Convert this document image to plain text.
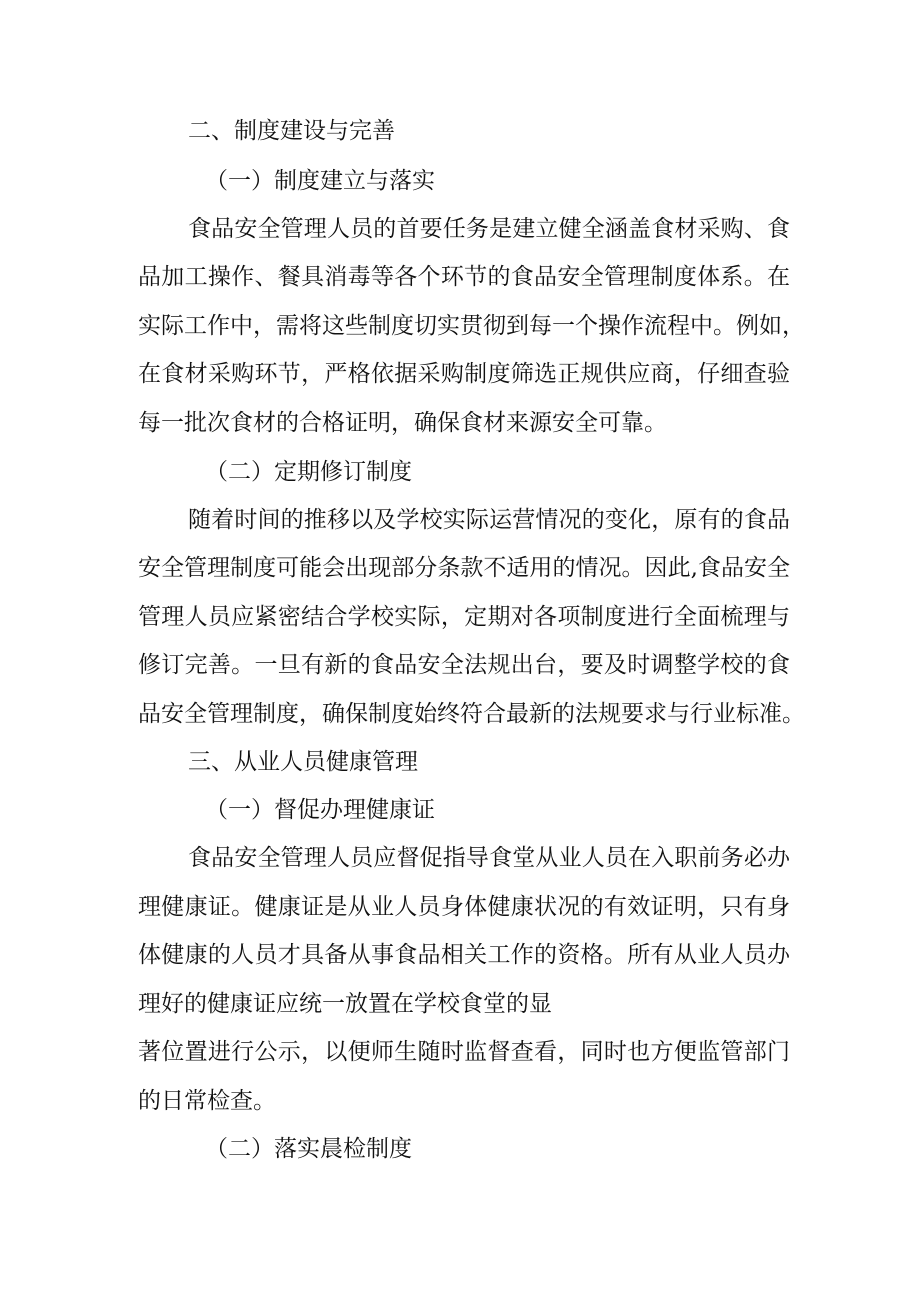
二、制度建设与完善
（一）制度建立与落实
食品安全管理人员的首要任务是建立健全涵盖食材采购、食
品加工操作、餐具消毒等各个环节的食品安全管理制度体系。在
实际工作中，需将这些制度切实贯彻到每一个操作流程中。例如，
在食材采购环节，严格依据采购制度筛选正规供应商，仔细查验
每一批次食材的合格证明，确保食材来源安全可靠。
（二）定期修订制度
随着时间的推移以及学校实际运营情况的变化，原有的食品
安全管理制度可能会出现部分条款不适用的情况。因此,食品安全
管理人员应紧密结合学校实际，定期对各项制度进行全面梳理与
修订完善。一旦有新的食品安全法规出台，要及时调整学校的食
品安全管理制度，确保制度始终符合最新的法规要求与行业标准。
三、从业人员健康管理
（一）督促办理健康证
食品安全管理人员应督促指导食堂从业人员在入职前务必办
理健康证。健康证是从业人员身体健康状况的有效证明，只有身
体健康的人员才具备从事食品相关工作的资格。所有从业人员办
理好的健康证应统一放置在学校食堂的显
著位置进行公示，以便师生随时监督查看，同时也方便监管部门
的日常检查。
（二）落实晨检制度
